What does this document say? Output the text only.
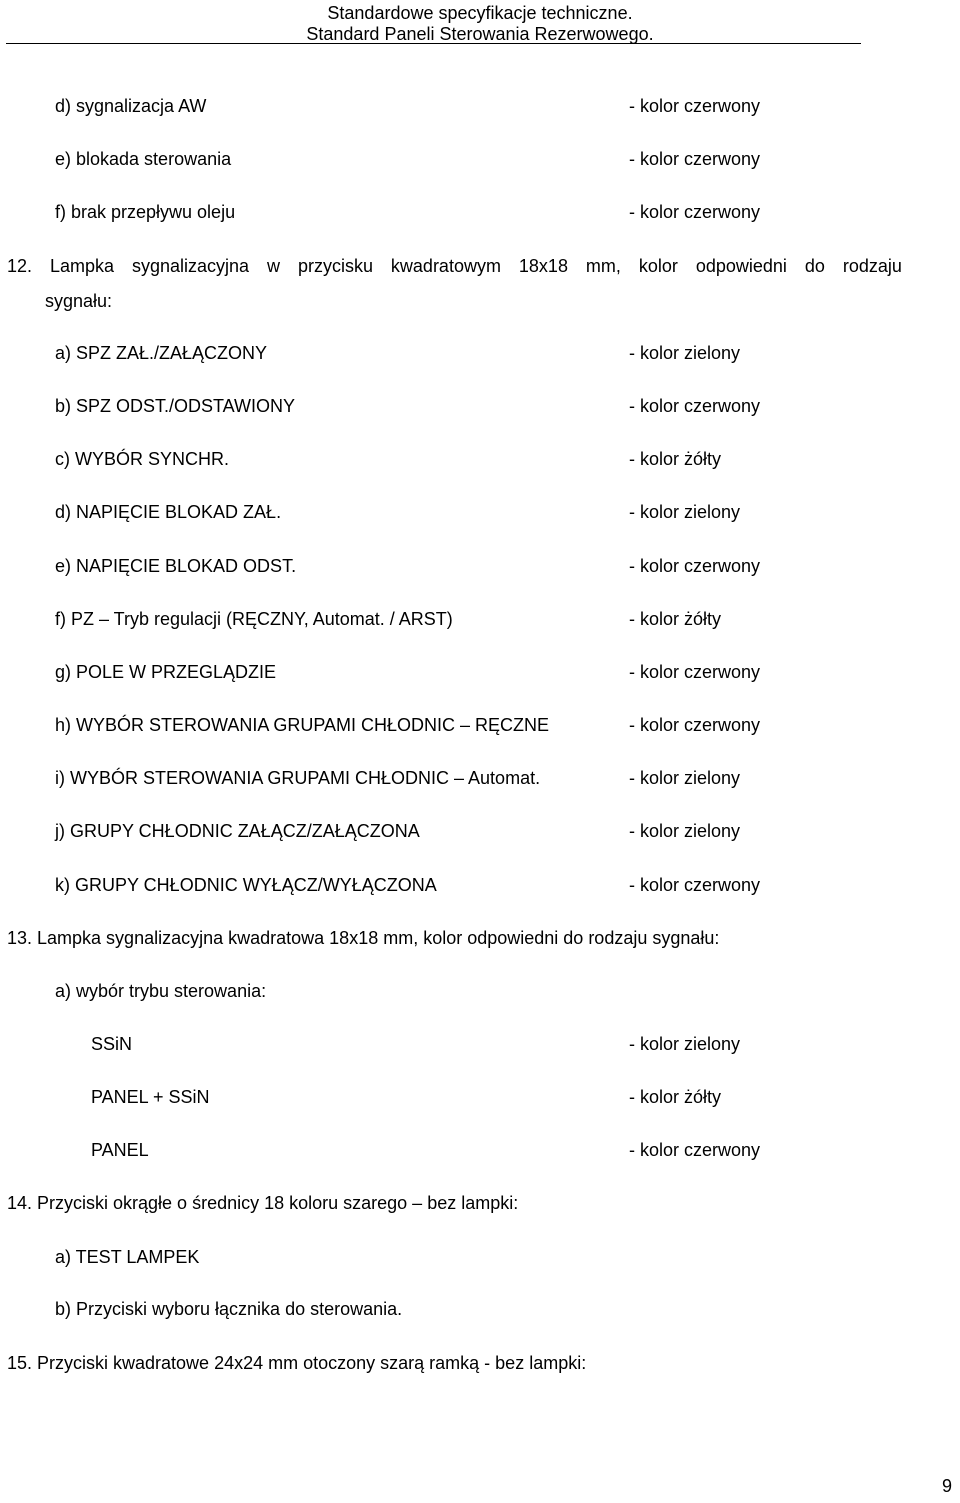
Standardowe specyfikacje techniczne.
Standard Paneli Sterowania Rezerwowego.
d) sygnalizacja AW	- kolor czerwony
e) blokada sterowania	- kolor czerwony
f) brak przepływu oleju	- kolor czerwony
12. Lampka sygnalizacyjna w przycisku kwadratowym 18x18 mm, kolor odpowiedni do rodzaju
sygnału:
a) SPZ ZAŁ./ZAŁĄCZONY	- kolor zielony
b) SPZ ODST./ODSTAWIONY	- kolor czerwony
c) WYBÓR SYNCHR.	- kolor żółty
d) NAPIĘCIE BLOKAD ZAŁ.	- kolor zielony
e) NAPIĘCIE BLOKAD ODST.	- kolor czerwony
f) PZ – Tryb regulacji (RĘCZNY, Automat. / ARST)	- kolor żółty
g) POLE W PRZEGLĄDZIE	- kolor czerwony
h) WYBÓR STEROWANIA GRUPAMI CHŁODNIC – RĘCZNE	- kolor czerwony
i) WYBÓR STEROWANIA GRUPAMI CHŁODNIC – Automat.	- kolor zielony
j) GRUPY CHŁODNIC ZAŁĄCZ/ZAŁĄCZONA	- kolor zielony
k) GRUPY CHŁODNIC WYŁĄCZ/WYŁĄCZONA	- kolor czerwony
13. Lampka sygnalizacyjna kwadratowa 18x18 mm, kolor odpowiedni do rodzaju sygnału:
a) wybór trybu sterowania:
SSiN	- kolor zielony
PANEL + SSiN	- kolor żółty
PANEL	- kolor czerwony
14. Przyciski okrągłe o średnicy 18 koloru szarego – bez lampki:
a) TEST LAMPEK
b) Przyciski wyboru łącznika do sterowania.
15. Przyciski kwadratowe 24x24 mm otoczony szarą ramką - bez lampki:
9
